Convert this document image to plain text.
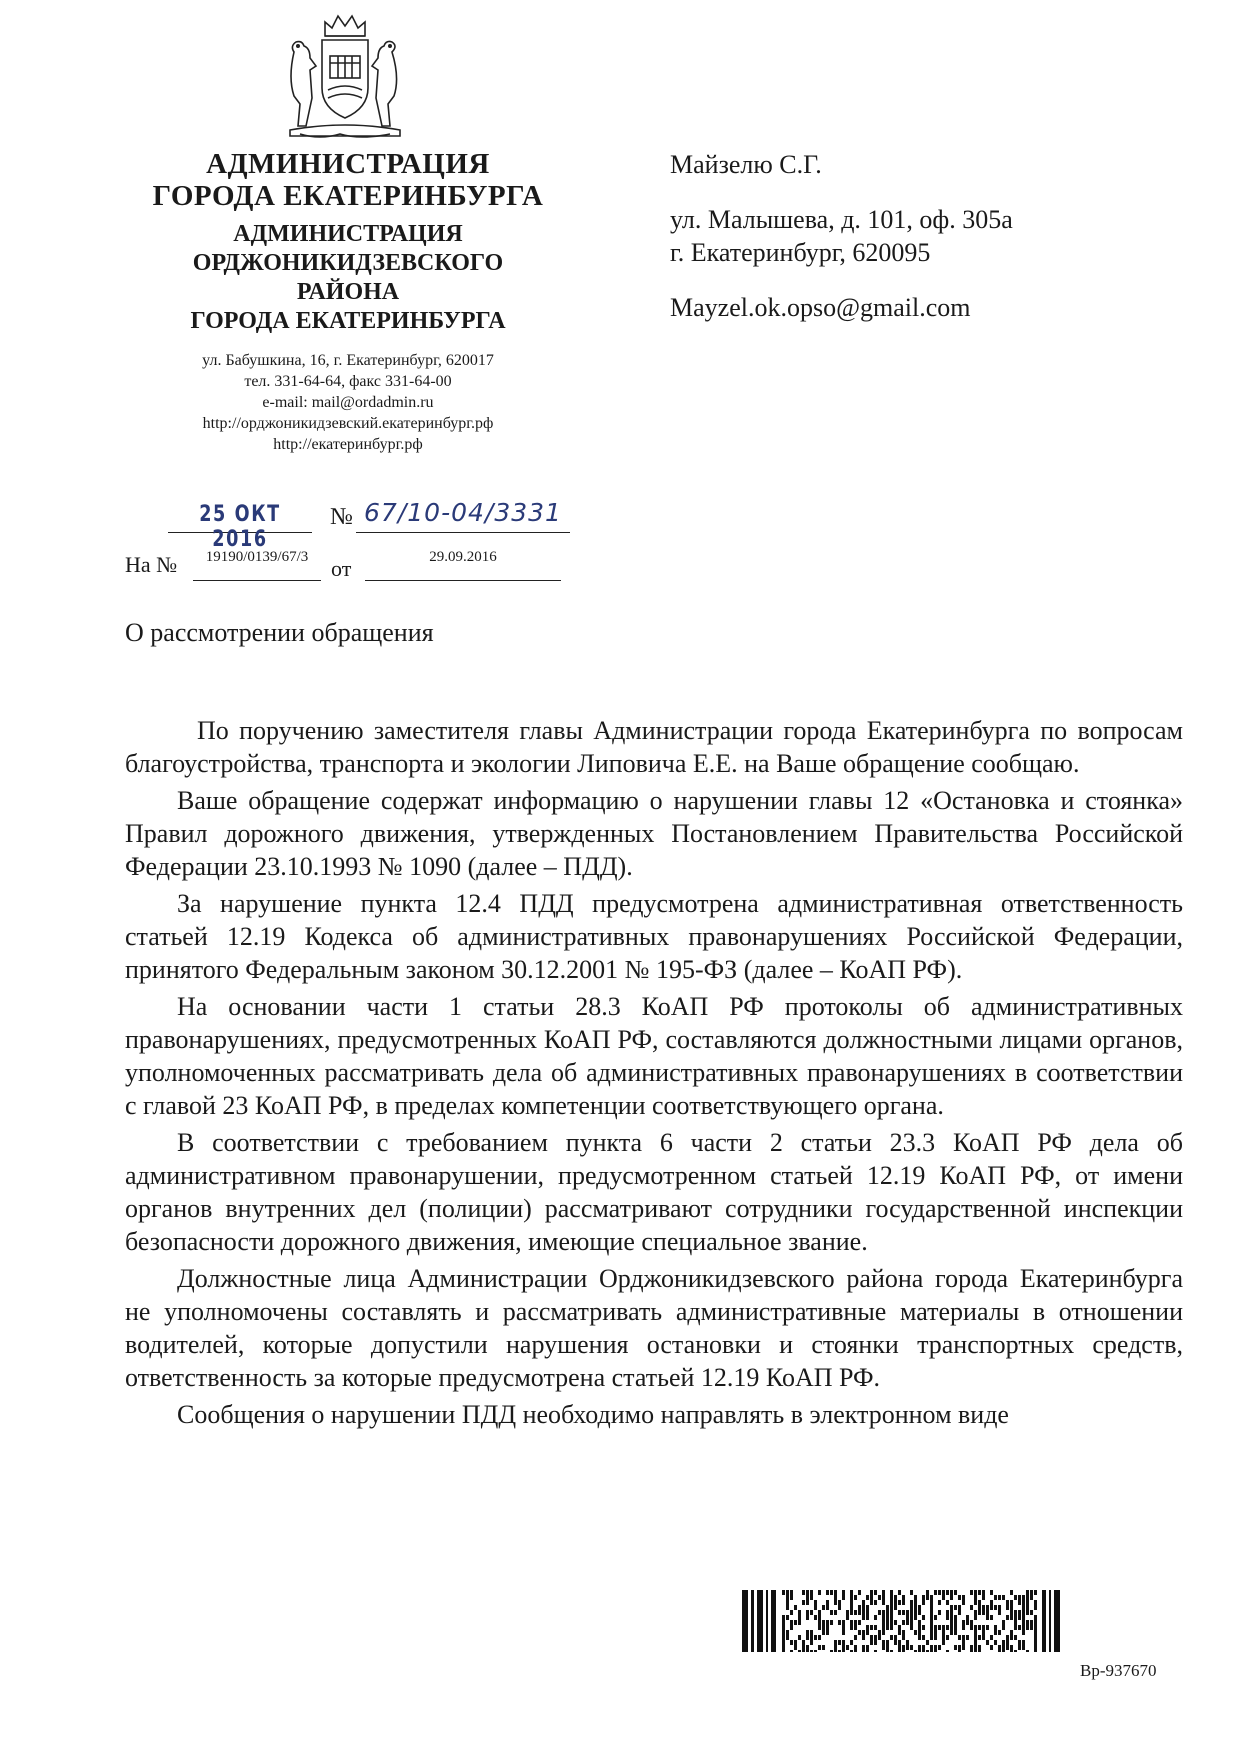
АДМИНИСТРАЦИЯ
ГОРОДА ЕКАТЕРИНБУРГА
АДМИНИСТРАЦИЯ
ОРДЖОНИКИДЗЕВСКОГО
РАЙОНА
ГОРОДА ЕКАТЕРИНБУРГА
ул. Бабушкина, 16, г. Екатеринбург, 620017
тел. 331-64-64, факс 331-64-00
e-mail: mail@ordadmin.ru
http://орджоникидзевский.екатеринбург.рф
http://екатеринбург.рф
Майзелю С.Г.
ул. Малышева, д. 101, оф. 305а
г. Екатеринбург, 620095
Mayzel.ok.opso@gmail.com
25 ОКТ 2016
№ 67/10-04/3331
На №	19190/0139/67/3	от	29.09.2016
О рассмотрении обращения

По поручению заместителя главы Администрации города Екатеринбурга по вопросам благоустройства, транспорта и экологии Липовича Е.Е. на Ваше обращение сообщаю.

Ваше обращение содержат информацию о нарушении главы 12 «Остановка и стоянка» Правил дорожного движения, утвержденных Постановлением Правительства Российской Федерации 23.10.1993 № 1090 (далее – ПДД).

За нарушение пункта 12.4 ПДД предусмотрена административная ответственность статьей 12.19 Кодекса об административных правонарушениях Российской Федерации, принятого Федеральным законом 30.12.2001 № 195-ФЗ (далее – КоАП РФ).

На основании части 1 статьи 28.3 КоАП РФ протоколы об административных правонарушениях, предусмотренных КоАП РФ, составляются должностными лицами органов, уполномоченных рассматривать дела об административных правонарушениях в соответствии с главой 23 КоАП РФ, в пределах компетенции соответствующего органа.

В соответствии с требованием пункта 6 части 2 статьи 23.3 КоАП РФ дела об административном правонарушении, предусмотренном статьей 12.19 КоАП РФ, от имени органов внутренних дел (полиции) рассматривают сотрудники государственной инспекции безопасности дорожного движения, имеющие специальное звание.

Должностные лица Администрации Орджоникидзевского района города Екатеринбурга не уполномочены составлять и рассматривать административные материалы в отношении водителей, которые допустили нарушения остановки и стоянки транспортных средств, ответственность за которые предусмотрена статьей 12.19 КоАП РФ.

Сообщения о нарушении ПДД необходимо направлять в электронном виде

Вр-937670
